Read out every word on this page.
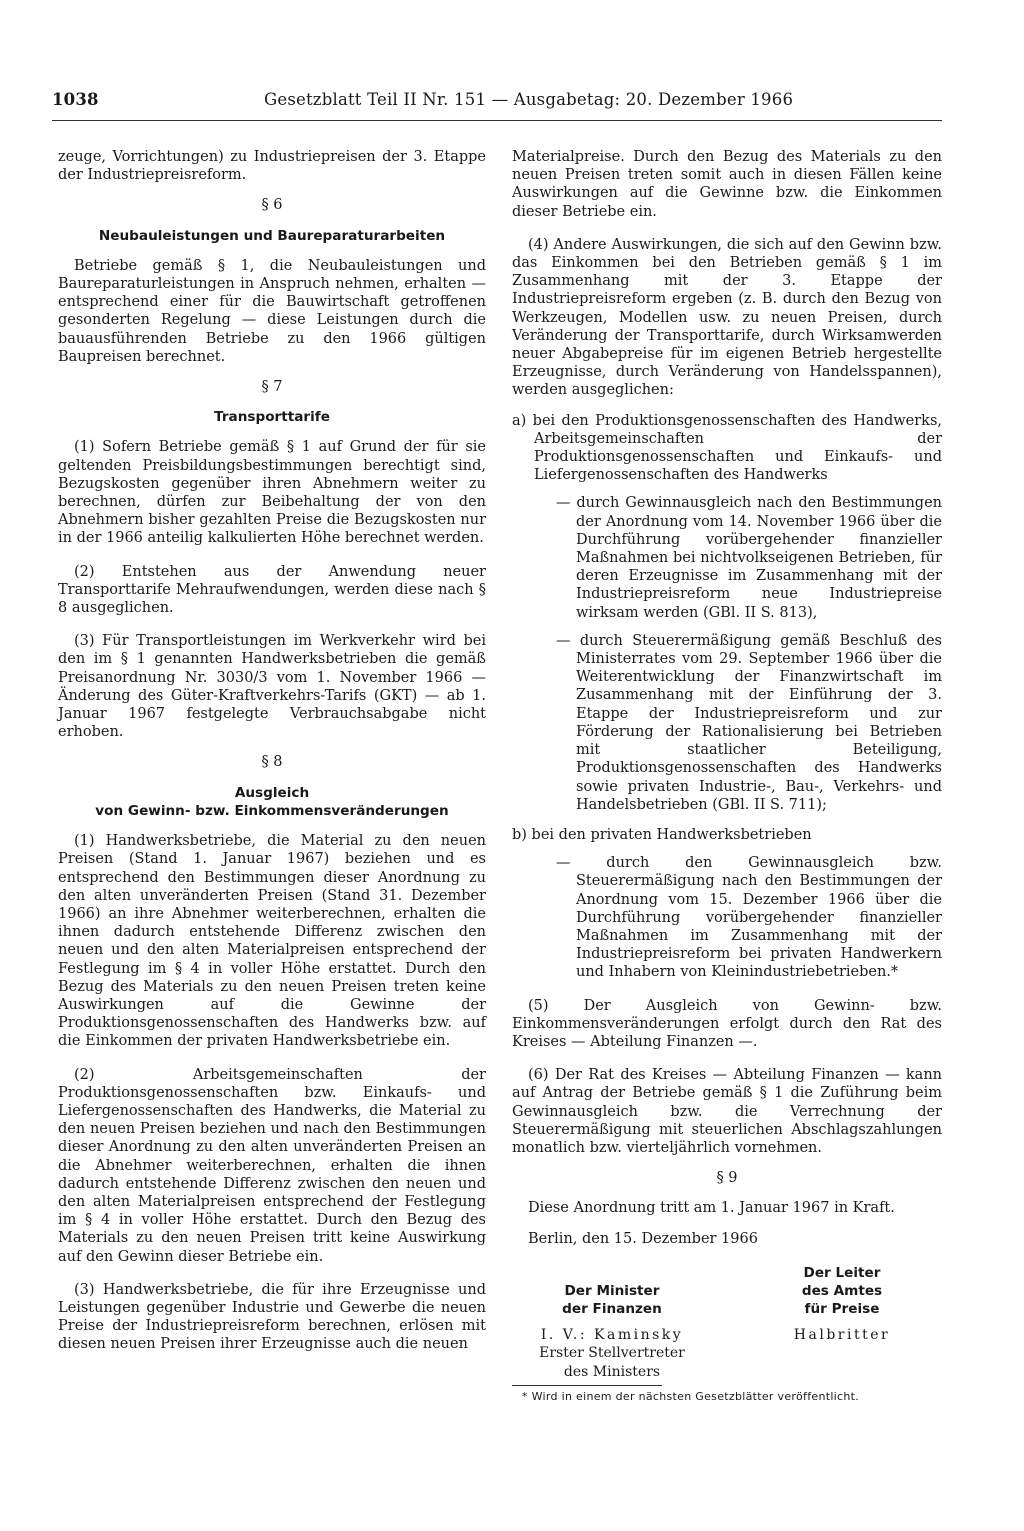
1038	Gesetzblatt Teil II Nr. 151 — Ausgabetag: 20. Dezember 1966

zeuge, Vorrichtungen) zu Industriepreisen der 3. Etappe der Industriepreisreform.

§ 6
Neubauleistungen und Baureparaturarbeiten

Betriebe gemäß § 1, die Neubauleistungen und Baureparaturleistungen in Anspruch nehmen, erhalten — entsprechend einer für die Bauwirtschaft getroffenen gesonderten Regelung — diese Leistungen durch die bauausführenden Betriebe zu den 1966 gültigen Baupreisen berechnet.

§ 7
Transporttarife

(1) Sofern Betriebe gemäß § 1 auf Grund der für sie geltenden Preisbildungsbestimmungen berechtigt sind, Bezugskosten gegenüber ihren Abnehmern weiter zu berechnen, dürfen zur Beibehaltung der von den Abnehmern bisher gezahlten Preise die Bezugskosten nur in der 1966 anteilig kalkulierten Höhe berechnet werden.

(2) Entstehen aus der Anwendung neuer Transporttarife Mehraufwendungen, werden diese nach § 8 ausgeglichen.

(3) Für Transportleistungen im Werkverkehr wird bei den im § 1 genannten Handwerksbetrieben die gemäß Preisanordnung Nr. 3030/3 vom 1. November 1966 — Änderung des Güter-Kraftverkehrs-Tarifs (GKT) — ab 1. Januar 1967 festgelegte Verbrauchsabgabe nicht erhoben.

§ 8
Ausgleich
von Gewinn- bzw. Einkommensveränderungen

(1) Handwerksbetriebe, die Material zu den neuen Preisen (Stand 1. Januar 1967) beziehen und es entsprechend den Bestimmungen dieser Anordnung zu den alten unveränderten Preisen (Stand 31. Dezember 1966) an ihre Abnehmer weiterberechnen, erhalten die ihnen dadurch entstehende Differenz zwischen den neuen und den alten Materialpreisen entsprechend der Festlegung im § 4 in voller Höhe erstattet. Durch den Bezug des Materials zu den neuen Preisen treten keine Auswirkungen auf die Gewinne der Produktionsgenossenschaften des Handwerks bzw. auf die Einkommen der privaten Handwerksbetriebe ein.

(2) Arbeitsgemeinschaften der Produktionsgenossenschaften bzw. Einkaufs- und Liefergenossenschaften des Handwerks, die Material zu den neuen Preisen beziehen und nach den Bestimmungen dieser Anordnung zu den alten unveränderten Preisen an die Abnehmer weiterberechnen, erhalten die ihnen dadurch entstehende Differenz zwischen den neuen und den alten Materialpreisen entsprechend der Festlegung im § 4 in voller Höhe erstattet. Durch den Bezug des Materials zu den neuen Preisen tritt keine Auswirkung auf den Gewinn dieser Betriebe ein.

(3) Handwerksbetriebe, die für ihre Erzeugnisse und Leistungen gegenüber Industrie und Gewerbe die neuen Preise der Industriepreisreform berechnen, erlösen mit diesen neuen Preisen ihrer Erzeugnisse auch die neuen

Materialpreise. Durch den Bezug des Materials zu den neuen Preisen treten somit auch in diesen Fällen keine Auswirkungen auf die Gewinne bzw. die Einkommen dieser Betriebe ein.

(4) Andere Auswirkungen, die sich auf den Gewinn bzw. das Einkommen bei den Betrieben gemäß § 1 im Zusammenhang mit der 3. Etappe der Industriepreisreform ergeben (z. B. durch den Bezug von Werkzeugen, Modellen usw. zu neuen Preisen, durch Veränderung der Transporttarife, durch Wirksamwerden neuer Abgabepreise für im eigenen Betrieb hergestellte Erzeugnisse, durch Veränderung von Handelsspannen), werden ausgeglichen:

a) bei den Produktionsgenossenschaften des Handwerks, Arbeitsgemeinschaften der Produktionsgenossenschaften und Einkaufs- und Liefergenossenschaften des Handwerks

— durch Gewinnausgleich nach den Bestimmungen der Anordnung vom 14. November 1966 über die Durchführung vorübergehender finanzieller Maßnahmen bei nichtvolkseigenen Betrieben, für deren Erzeugnisse im Zusammenhang mit der Industriepreisreform neue Industriepreise wirksam werden (GBl. II S. 813),

— durch Steuerermäßigung gemäß Beschluß des Ministerrates vom 29. September 1966 über die Weiterentwicklung der Finanzwirtschaft im Zusammenhang mit der Einführung der 3. Etappe der Industriepreisreform und zur Förderung der Rationalisierung bei Betrieben mit staatlicher Beteiligung, Produktionsgenossenschaften des Handwerks sowie privaten Industrie-, Bau-, Verkehrs- und Handelsbetrieben (GBl. II S. 711);

b) bei den privaten Handwerksbetrieben

— durch den Gewinnausgleich bzw. Steuerermäßigung nach den Bestimmungen der Anordnung vom 15. Dezember 1966 über die Durchführung vorübergehender finanzieller Maßnahmen im Zusammenhang mit der Industriepreisreform bei privaten Handwerkern und Inhabern von Kleinindustriebetrieben.*

(5) Der Ausgleich von Gewinn- bzw. Einkommensveränderungen erfolgt durch den Rat des Kreises — Abteilung Finanzen —.

(6) Der Rat des Kreises — Abteilung Finanzen — kann auf Antrag der Betriebe gemäß § 1 die Zuführung beim Gewinnausgleich bzw. die Verrechnung der Steuerermäßigung mit steuerlichen Abschlagszahlungen monatlich bzw. vierteljährlich vornehmen.

§ 9

Diese Anordnung tritt am 1. Januar 1967 in Kraft.

Berlin, den 15. Dezember 1966

Der Minister
der Finanzen
I. V.: Kaminsky
Erster Stellvertreter
des Ministers
Der Leiter
des Amtes
für Preise
Halbritter
* Wird in einem der nächsten Gesetzblätter veröffentlicht.
